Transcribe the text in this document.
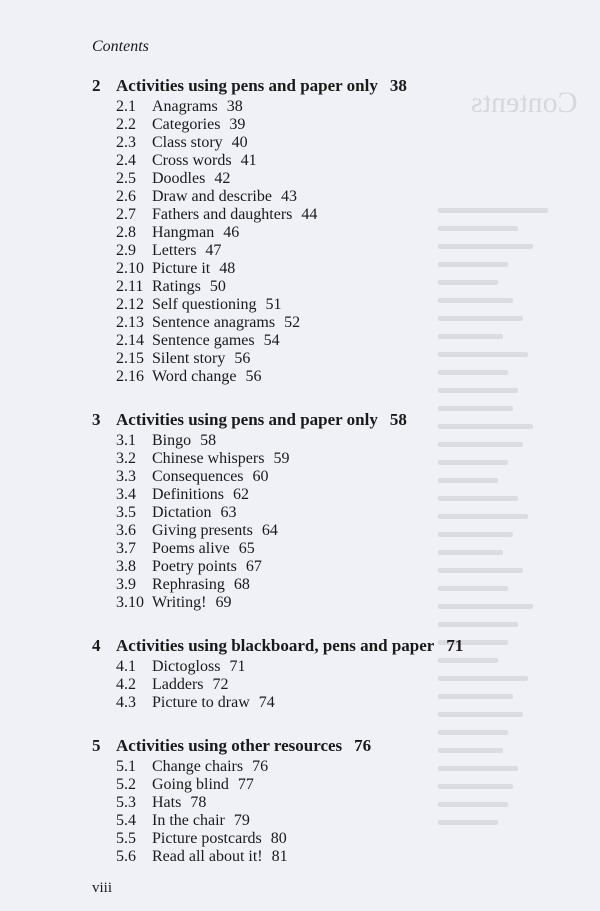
Contents
Contents
2 Activities using pens and paper only 38
2.1 Anagrams 38
2.2 Categories 39
2.3 Class story 40
2.4 Cross words 41
2.5 Doodles 42
2.6 Draw and describe 43
2.7 Fathers and daughters 44
2.8 Hangman 46
2.9 Letters 47
2.10 Picture it 48
2.11 Ratings 50
2.12 Self questioning 51
2.13 Sentence anagrams 52
2.14 Sentence games 54
2.15 Silent story 56
2.16 Word change 56
3 Activities using pens and paper only 58
3.1 Bingo 58
3.2 Chinese whispers 59
3.3 Consequences 60
3.4 Definitions 62
3.5 Dictation 63
3.6 Giving presents 64
3.7 Poems alive 65
3.8 Poetry points 67
3.9 Rephrasing 68
3.10 Writing! 69
4 Activities using blackboard, pens and paper 71
4.1 Dictogloss 71
4.2 Ladders 72
4.3 Picture to draw 74
5 Activities using other resources 76
5.1 Change chairs 76
5.2 Going blind 77
5.3 Hats 78
5.4 In the chair 79
5.5 Picture postcards 80
5.6 Read all about it! 81
viii
